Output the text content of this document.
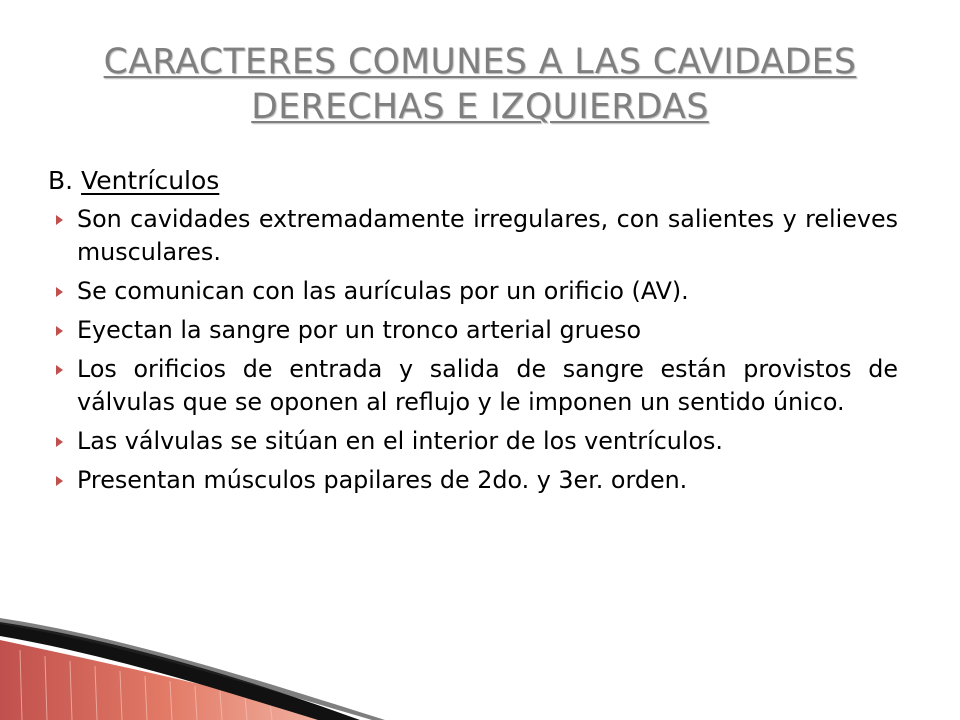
CARACTERES COMUNES A LAS CAVIDADES
DERECHAS E IZQUIERDAS
B. Ventrículos
Son cavidades extremadamente irregulares, con salientes y relieves musculares.
Se comunican con las aurículas por un orificio (AV).
Eyectan la sangre por un tronco arterial grueso
Los orificios de entrada y salida de sangre están provistos de válvulas que se oponen al reflujo y le imponen un sentido único.
Las válvulas se sitúan en el interior de los ventrículos.
Presentan músculos papilares de 2do. y 3er. orden.
